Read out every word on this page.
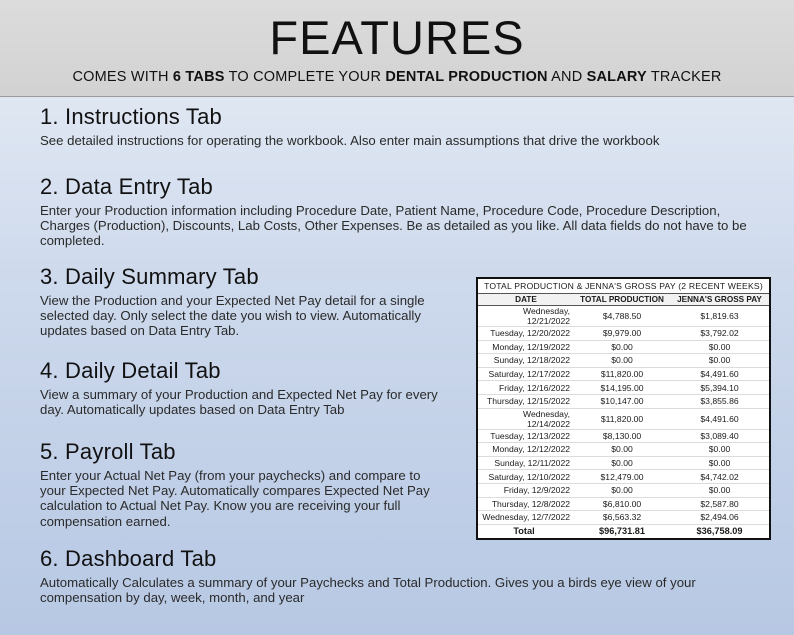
FEATURES
COMES WITH 6 TABS TO COMPLETE YOUR DENTAL PRODUCTION AND SALARY TRACKER
1. Instructions Tab

See detailed instructions for operating the workbook. Also enter main assumptions that drive the workbook

2. Data Entry Tab

Enter your Production information including Procedure Date, Patient Name, Procedure Code, Procedure Description, Charges (Production), Discounts, Lab Costs, Other Expenses. Be as detailed as you like. All data fields do not have to be completed.

3. Daily Summary Tab

View the Production and your Expected Net Pay detail for a single selected day. Only select the date you wish to view. Automatically updates based on Data Entry Tab.

4. Daily Detail Tab

View a summary of your Production and Expected Net Pay for every day. Automatically updates based on Data Entry Tab

5. Payroll Tab

Enter your Actual Net Pay (from your paychecks) and compare to your Expected Net Pay. Automatically compares Expected Net Pay calculation to Actual Net Pay. Know you are receiving your full compensation earned.

6. Dashboard Tab

Automatically Calculates a summary of your Paychecks and Total Production. Gives you a birds eye view of your compensation by day, week, month, and year

TOTAL PRODUCTION & JENNA'S GROSS PAY (2 RECENT WEEKS)
DATE	TOTAL PRODUCTION	JENNA'S GROSS PAY
Wednesday, 12/21/2022	$4,788.50	$1,819.63
Tuesday, 12/20/2022	$9,979.00	$3,792.02
Monday, 12/19/2022	$0.00	$0.00
Sunday, 12/18/2022	$0.00	$0.00
Saturday, 12/17/2022	$11,820.00	$4,491.60
Friday, 12/16/2022	$14,195.00	$5,394.10
Thursday, 12/15/2022	$10,147.00	$3,855.86
Wednesday, 12/14/2022	$11,820.00	$4,491.60
Tuesday, 12/13/2022	$8,130.00	$3,089.40
Monday, 12/12/2022	$0.00	$0.00
Sunday, 12/11/2022	$0.00	$0.00
Saturday, 12/10/2022	$12,479.00	$4,742.02
Friday, 12/9/2022	$0.00	$0.00
Thursday, 12/8/2022	$6,810.00	$2,587.80
Wednesday, 12/7/2022	$6,563.32	$2,494.06
Total	$96,731.81	$36,758.09
